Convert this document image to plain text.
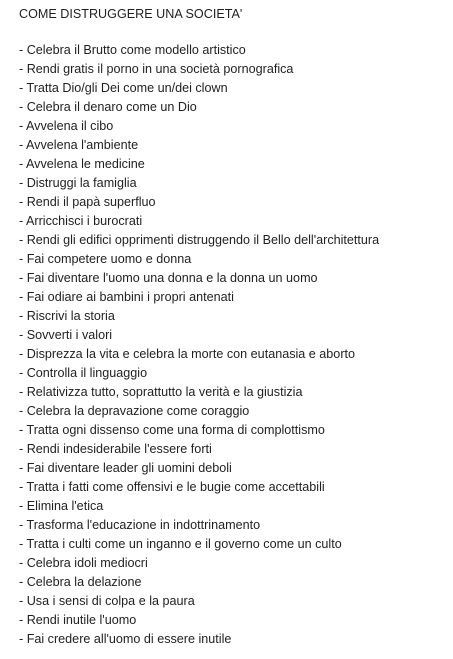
COME DISTRUGGERE UNA SOCIETA'
- Celebra il Brutto come modello artistico
- Rendi gratis il porno in una società pornografica
- Tratta Dio/gli Dei come un/dei clown
- Celebra il denaro come un Dio
- Avvelena il cibo
- Avvelena l'ambiente
- Avvelena le medicine
- Distruggi la famiglia
- Rendi il papà superfluo
- Arricchisci i burocrati
- Rendi gli edifici opprimenti distruggendo il Bello dell'architettura
- Fai competere uomo e donna
- Fai diventare l'uomo una donna e la donna un uomo
- Fai odiare ai bambini i propri antenati
- Riscrivi la storia
- Sovverti i valori
- Disprezza la vita e celebra la morte con eutanasia e aborto
- Controlla il linguaggio
- Relativizza tutto, soprattutto la verità e la giustizia
- Celebra la depravazione come coraggio
- Tratta ogni dissenso come una forma di complottismo
- Rendi indesiderabile l'essere forti
- Fai diventare leader gli uomini deboli
- Tratta i fatti come offensivi e le bugie come accettabili
- Elimina l'etica
- Trasforma l'educazione in indottrinamento
- Tratta i culti come un inganno e il governo come un culto
- Celebra idoli mediocri
- Celebra la delazione
- Usa i sensi di colpa e la paura
- Rendi inutile l'uomo
- Fai credere all'uomo di essere inutile
